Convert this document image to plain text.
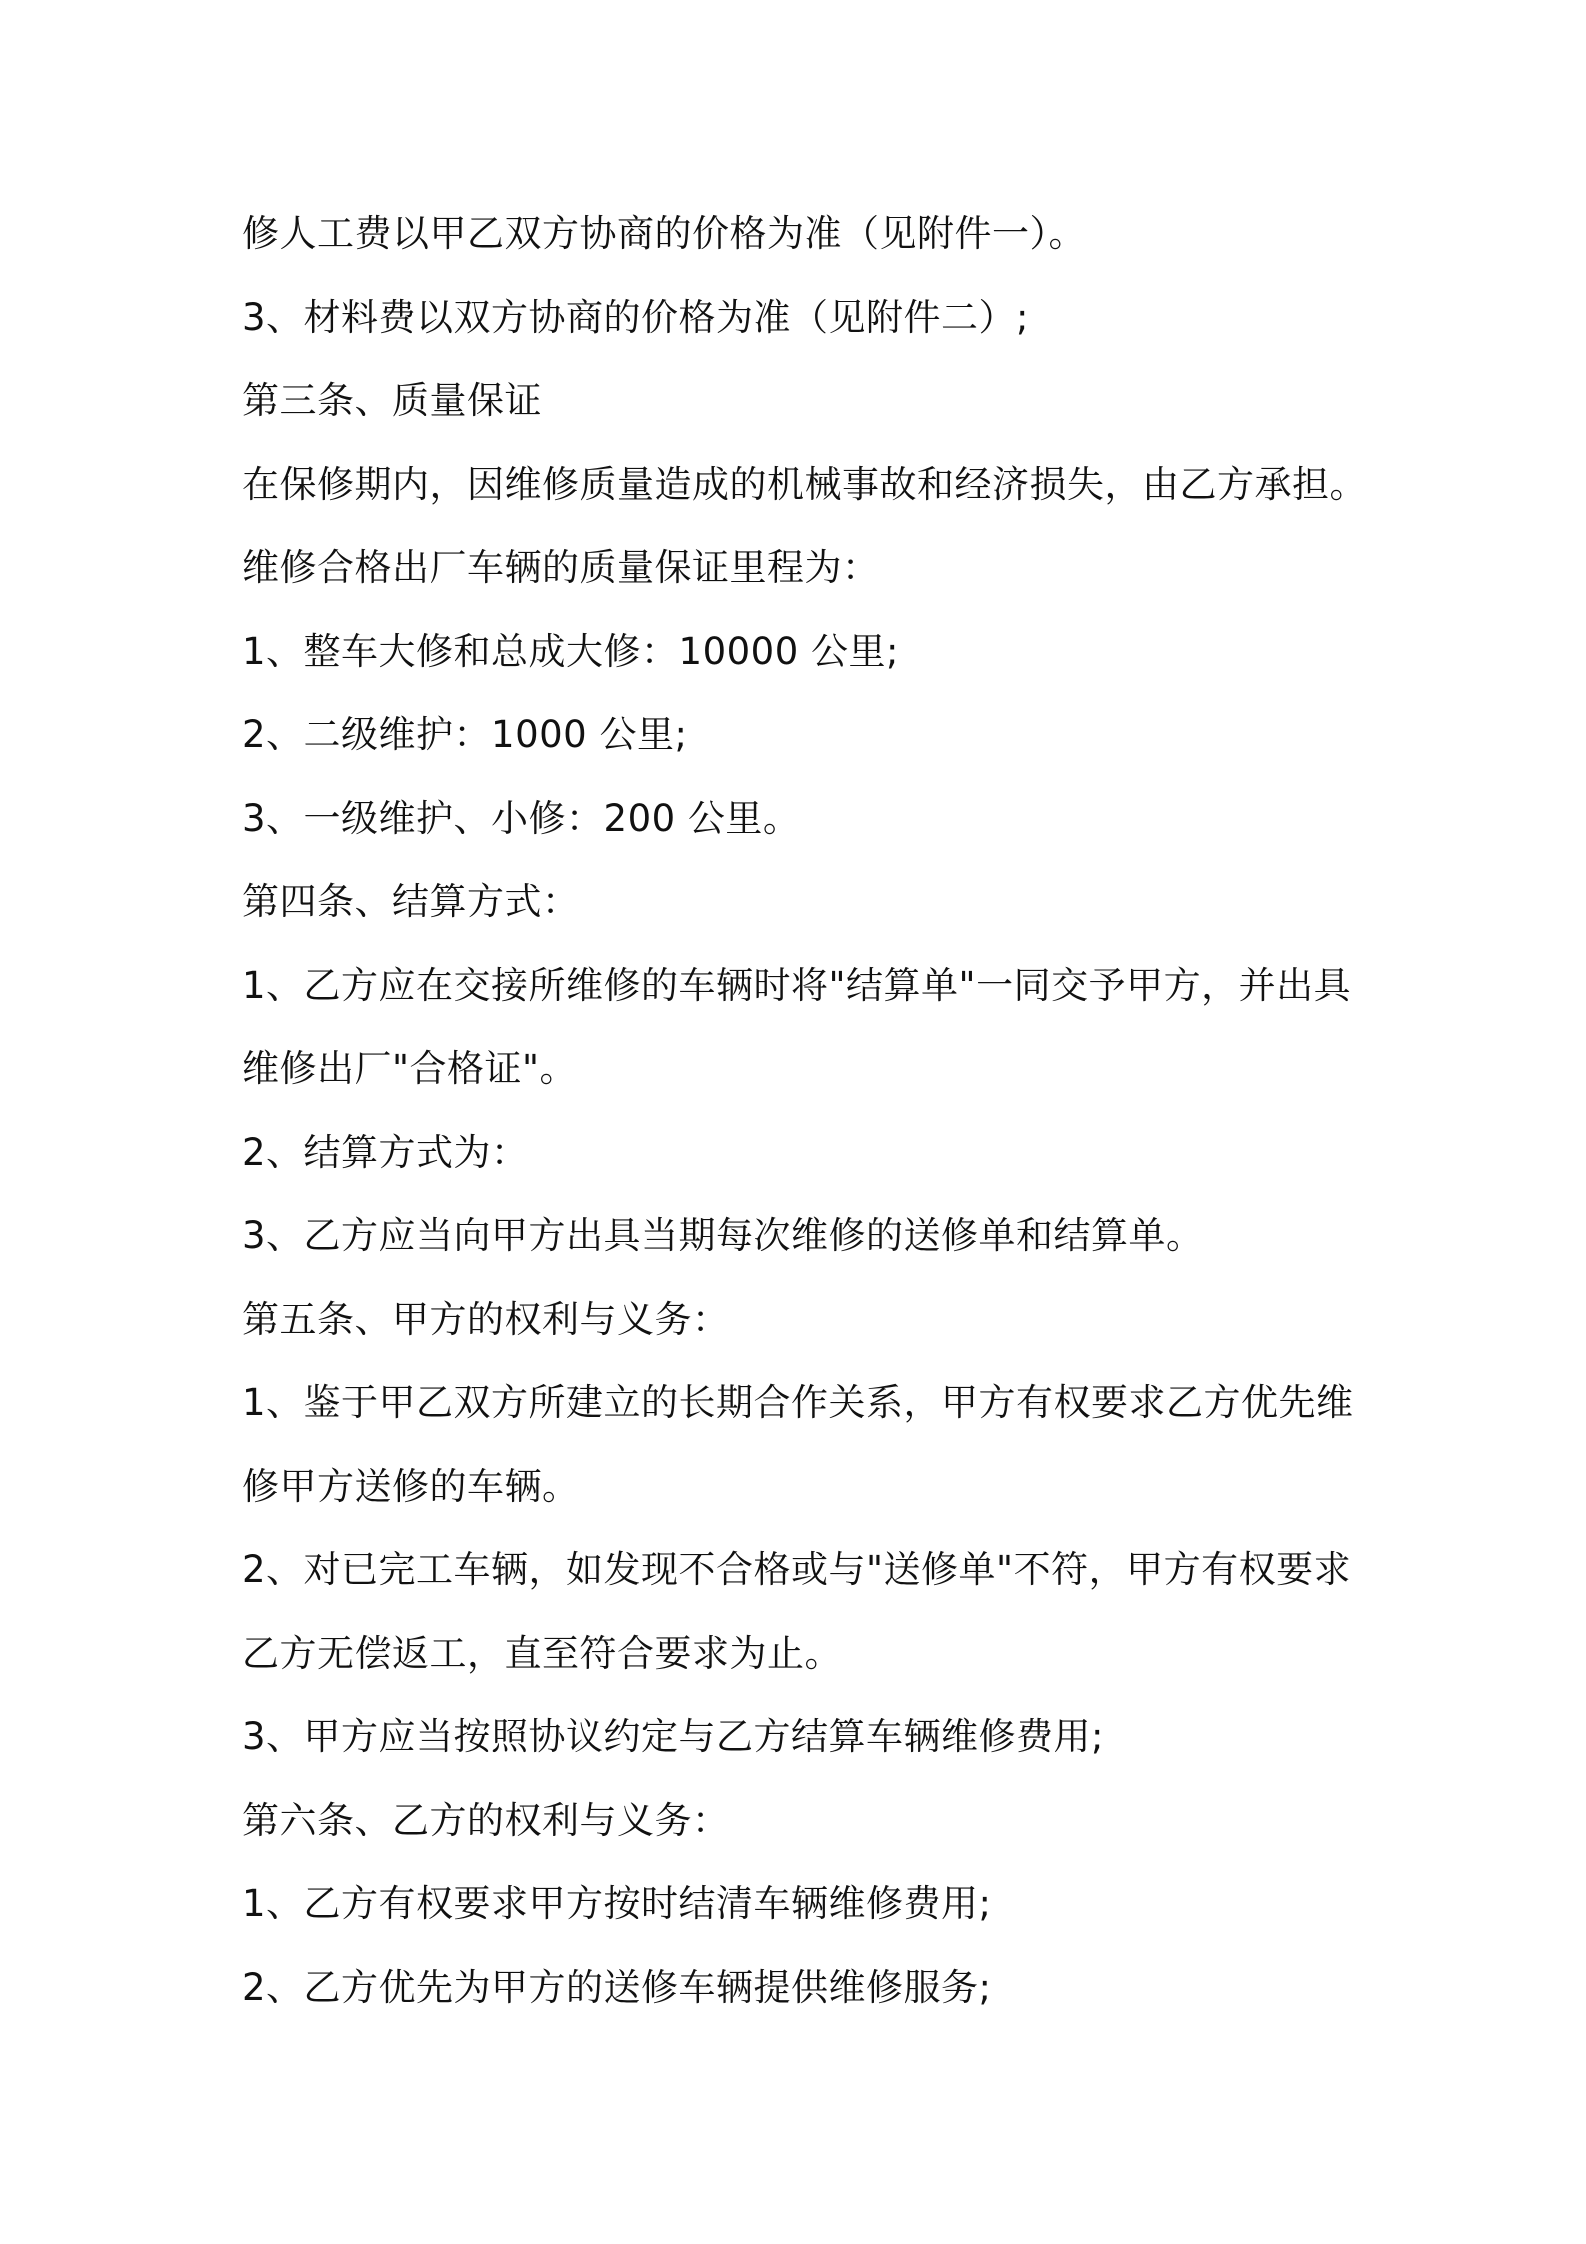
修人工费以甲乙双方协商的价格为准（见附件一）。
3、材料费以双方协商的价格为准（见附件二）;
第三条、质量保证
在保修期内，因维修质量造成的机械事故和经济损失，由乙方承担。
维修合格出厂车辆的质量保证里程为：
1、整车大修和总成大修：10000 公里;
2、二级维护：1000 公里;
3、一级维护、小修：200 公里。
第四条、结算方式：
1、乙方应在交接所维修的车辆时将"结算单"一同交予甲方，并出具
维修出厂"合格证"。
2、结算方式为：
3、乙方应当向甲方出具当期每次维修的送修单和结算单。
第五条、甲方的权利与义务：
1、鉴于甲乙双方所建立的长期合作关系，甲方有权要求乙方优先维
修甲方送修的车辆。
2、对已完工车辆，如发现不合格或与"送修单"不符，甲方有权要求
乙方无偿返工，直至符合要求为止。
3、甲方应当按照协议约定与乙方结算车辆维修费用;
第六条、乙方的权利与义务：
1、乙方有权要求甲方按时结清车辆维修费用;
2、乙方优先为甲方的送修车辆提供维修服务;
